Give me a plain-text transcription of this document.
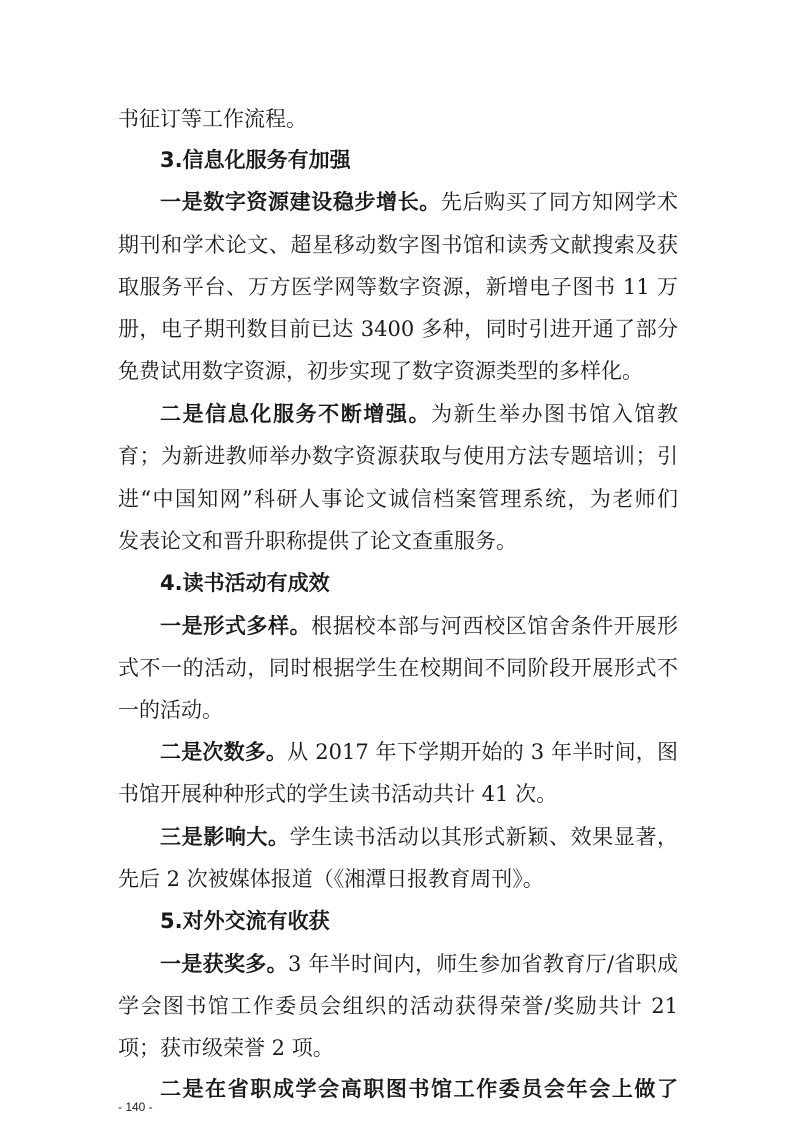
书征订等工作流程。
3.信息化服务有加强
一是数字资源建设稳步增长。先后购买了同方知网学术
期刊和学术论文、超星移动数字图书馆和读秀文献搜索及获
取服务平台、万方医学网等数字资源，新增电子图书 11 万
册，电子期刊数目前已达 3400 多种，同时引进开通了部分
免费试用数字资源，初步实现了数字资源类型的多样化。
二是信息化服务不断增强。为新生举办图书馆入馆教
育；为新进教师举办数字资源获取与使用方法专题培训；引
进“中国知网”科研人事论文诚信档案管理系统，为老师们
发表论文和晋升职称提供了论文查重服务。
4.读书活动有成效
一是形式多样。根据校本部与河西校区馆舍条件开展形
式不一的活动，同时根据学生在校期间不同阶段开展形式不
一的活动。
二是次数多。从 2017 年下学期开始的 3 年半时间，图
书馆开展种种形式的学生读书活动共计 41 次。
三是影响大。学生读书活动以其形式新颖、效果显著，
先后 2 次被媒体报道（《湘潭日报教育周刊》。
5.对外交流有收获
一是获奖多。3 年半时间内，师生参加省教育厅/省职成
学会图书馆工作委员会组织的活动获得荣誉/奖励共计 21
项；获市级荣誉 2 项。
二是在省职成学会高职图书馆工作委员会年会上做了
- 140 -
